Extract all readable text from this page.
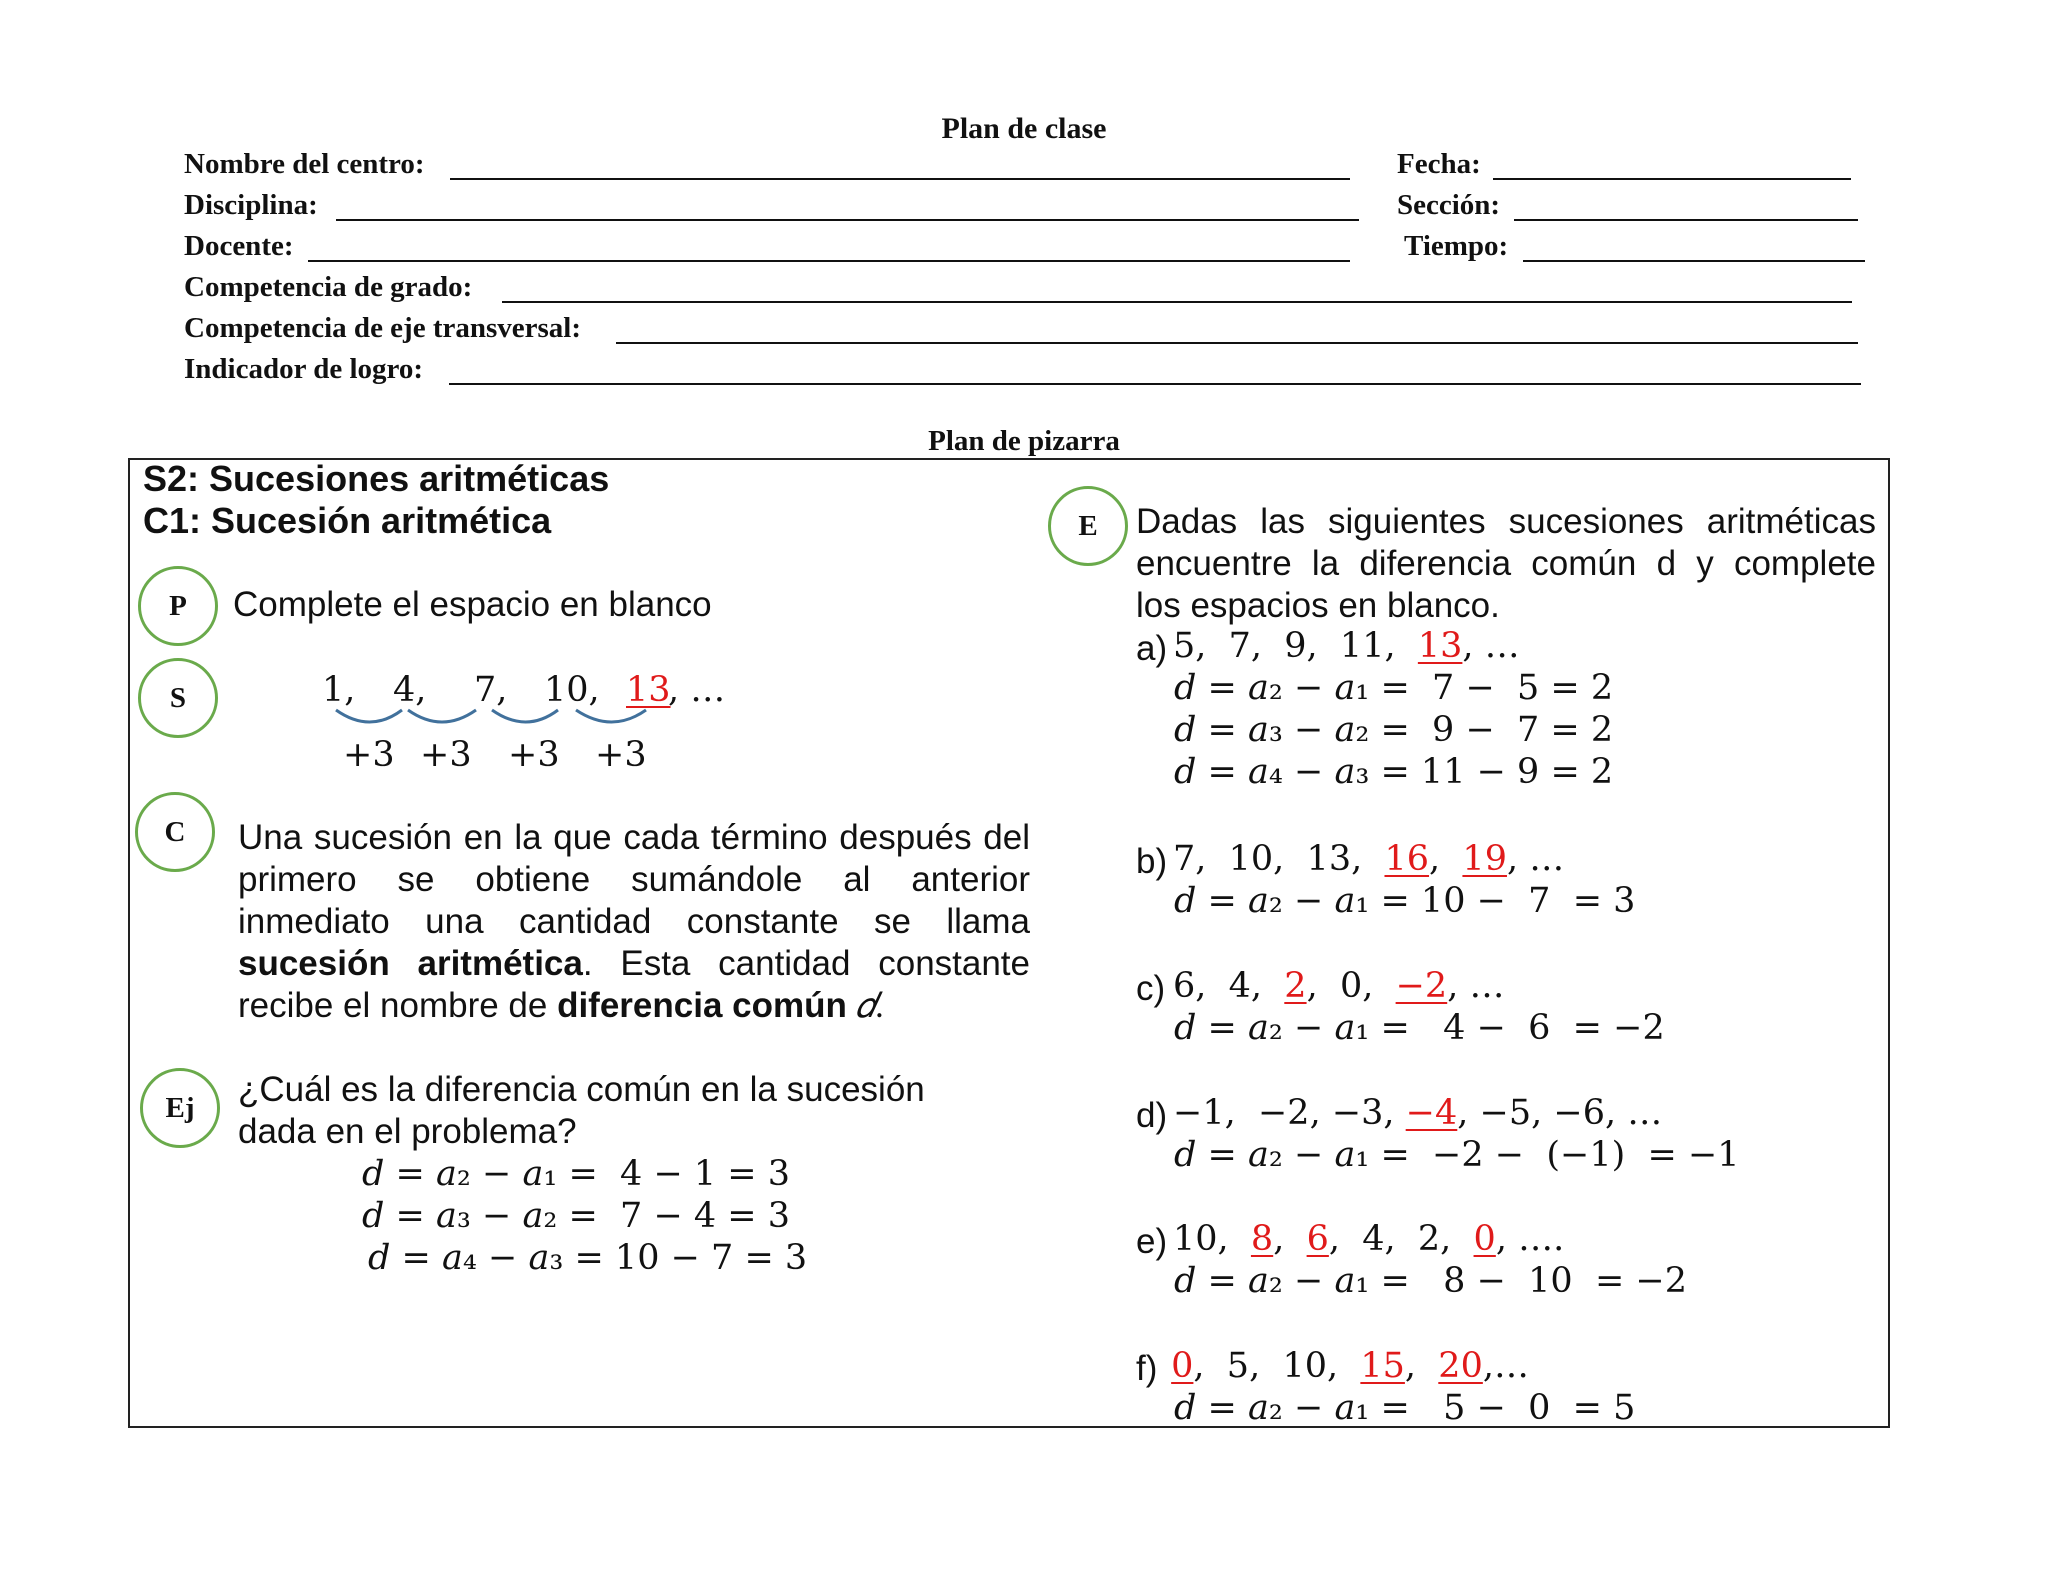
Plan de clase
Nombre del centro:	Fecha:
Disciplina:	Sección:
Docente:	Tiempo:
Competencia de grado:
Competencia de eje transversal:
Indicador de logro:
Plan de pizarra
S2: Sucesiones aritméticas
C1: Sucesión aritmética
P	Complete el espacio en blanco
S	1, 4, 7, 10, 13
, …
+3 +3 +3 +3
C	Una sucesión en la que cada término después del
primero se obtiene sumándole al anterior
inmediato una cantidad constante se llama
sucesión aritmética. Esta cantidad constante
recibe el nombre de diferencia común 𝑑.
Ej	¿Cuál es la diferencia común en la sucesión
dada en el problema?
𝑑 = 𝑎₂ − 𝑎₁ =  4 − 1 = 3
𝑑 = 𝑎₃ − 𝑎₂ =  7 − 4 = 3
𝑑 = 𝑎₄ − 𝑎₃ = 10 − 7 = 3
E	Dadas las siguientes sucesiones aritméticas
encuentre la diferencia común d y complete
los espacios en blanco.
a) 5,  7,  9,  11,  13, …
𝑑 = 𝑎₂ − 𝑎₁ =  7 −  5 = 2
𝑑 = 𝑎₃ − 𝑎₂ =  9 −  7 = 2
𝑑 = 𝑎₄ − 𝑎₃ = 11 − 9 = 2
b) 7,  10,  13,  16,  19, …
𝑑 = 𝑎₂ − 𝑎₁ = 10 −  7  = 3
c) 6,  4,  2,  0,  −2, …
𝑑 = 𝑎₂ − 𝑎₁ =   4 −  6  = −2
d) −1,  −2, −3, −4, −5, −6, …
𝑑 = 𝑎₂ − 𝑎₁ =  −2 −  (−1)  = −1
e) 10,  8,  6,  4,  2,  0, ….
𝑑 = 𝑎₂ − 𝑎₁ =   8 −  10  = −2
f) 0,  5,  10,  15,  20,…
𝑑 = 𝑎₂ − 𝑎₁ =   5 −  0  = 5
